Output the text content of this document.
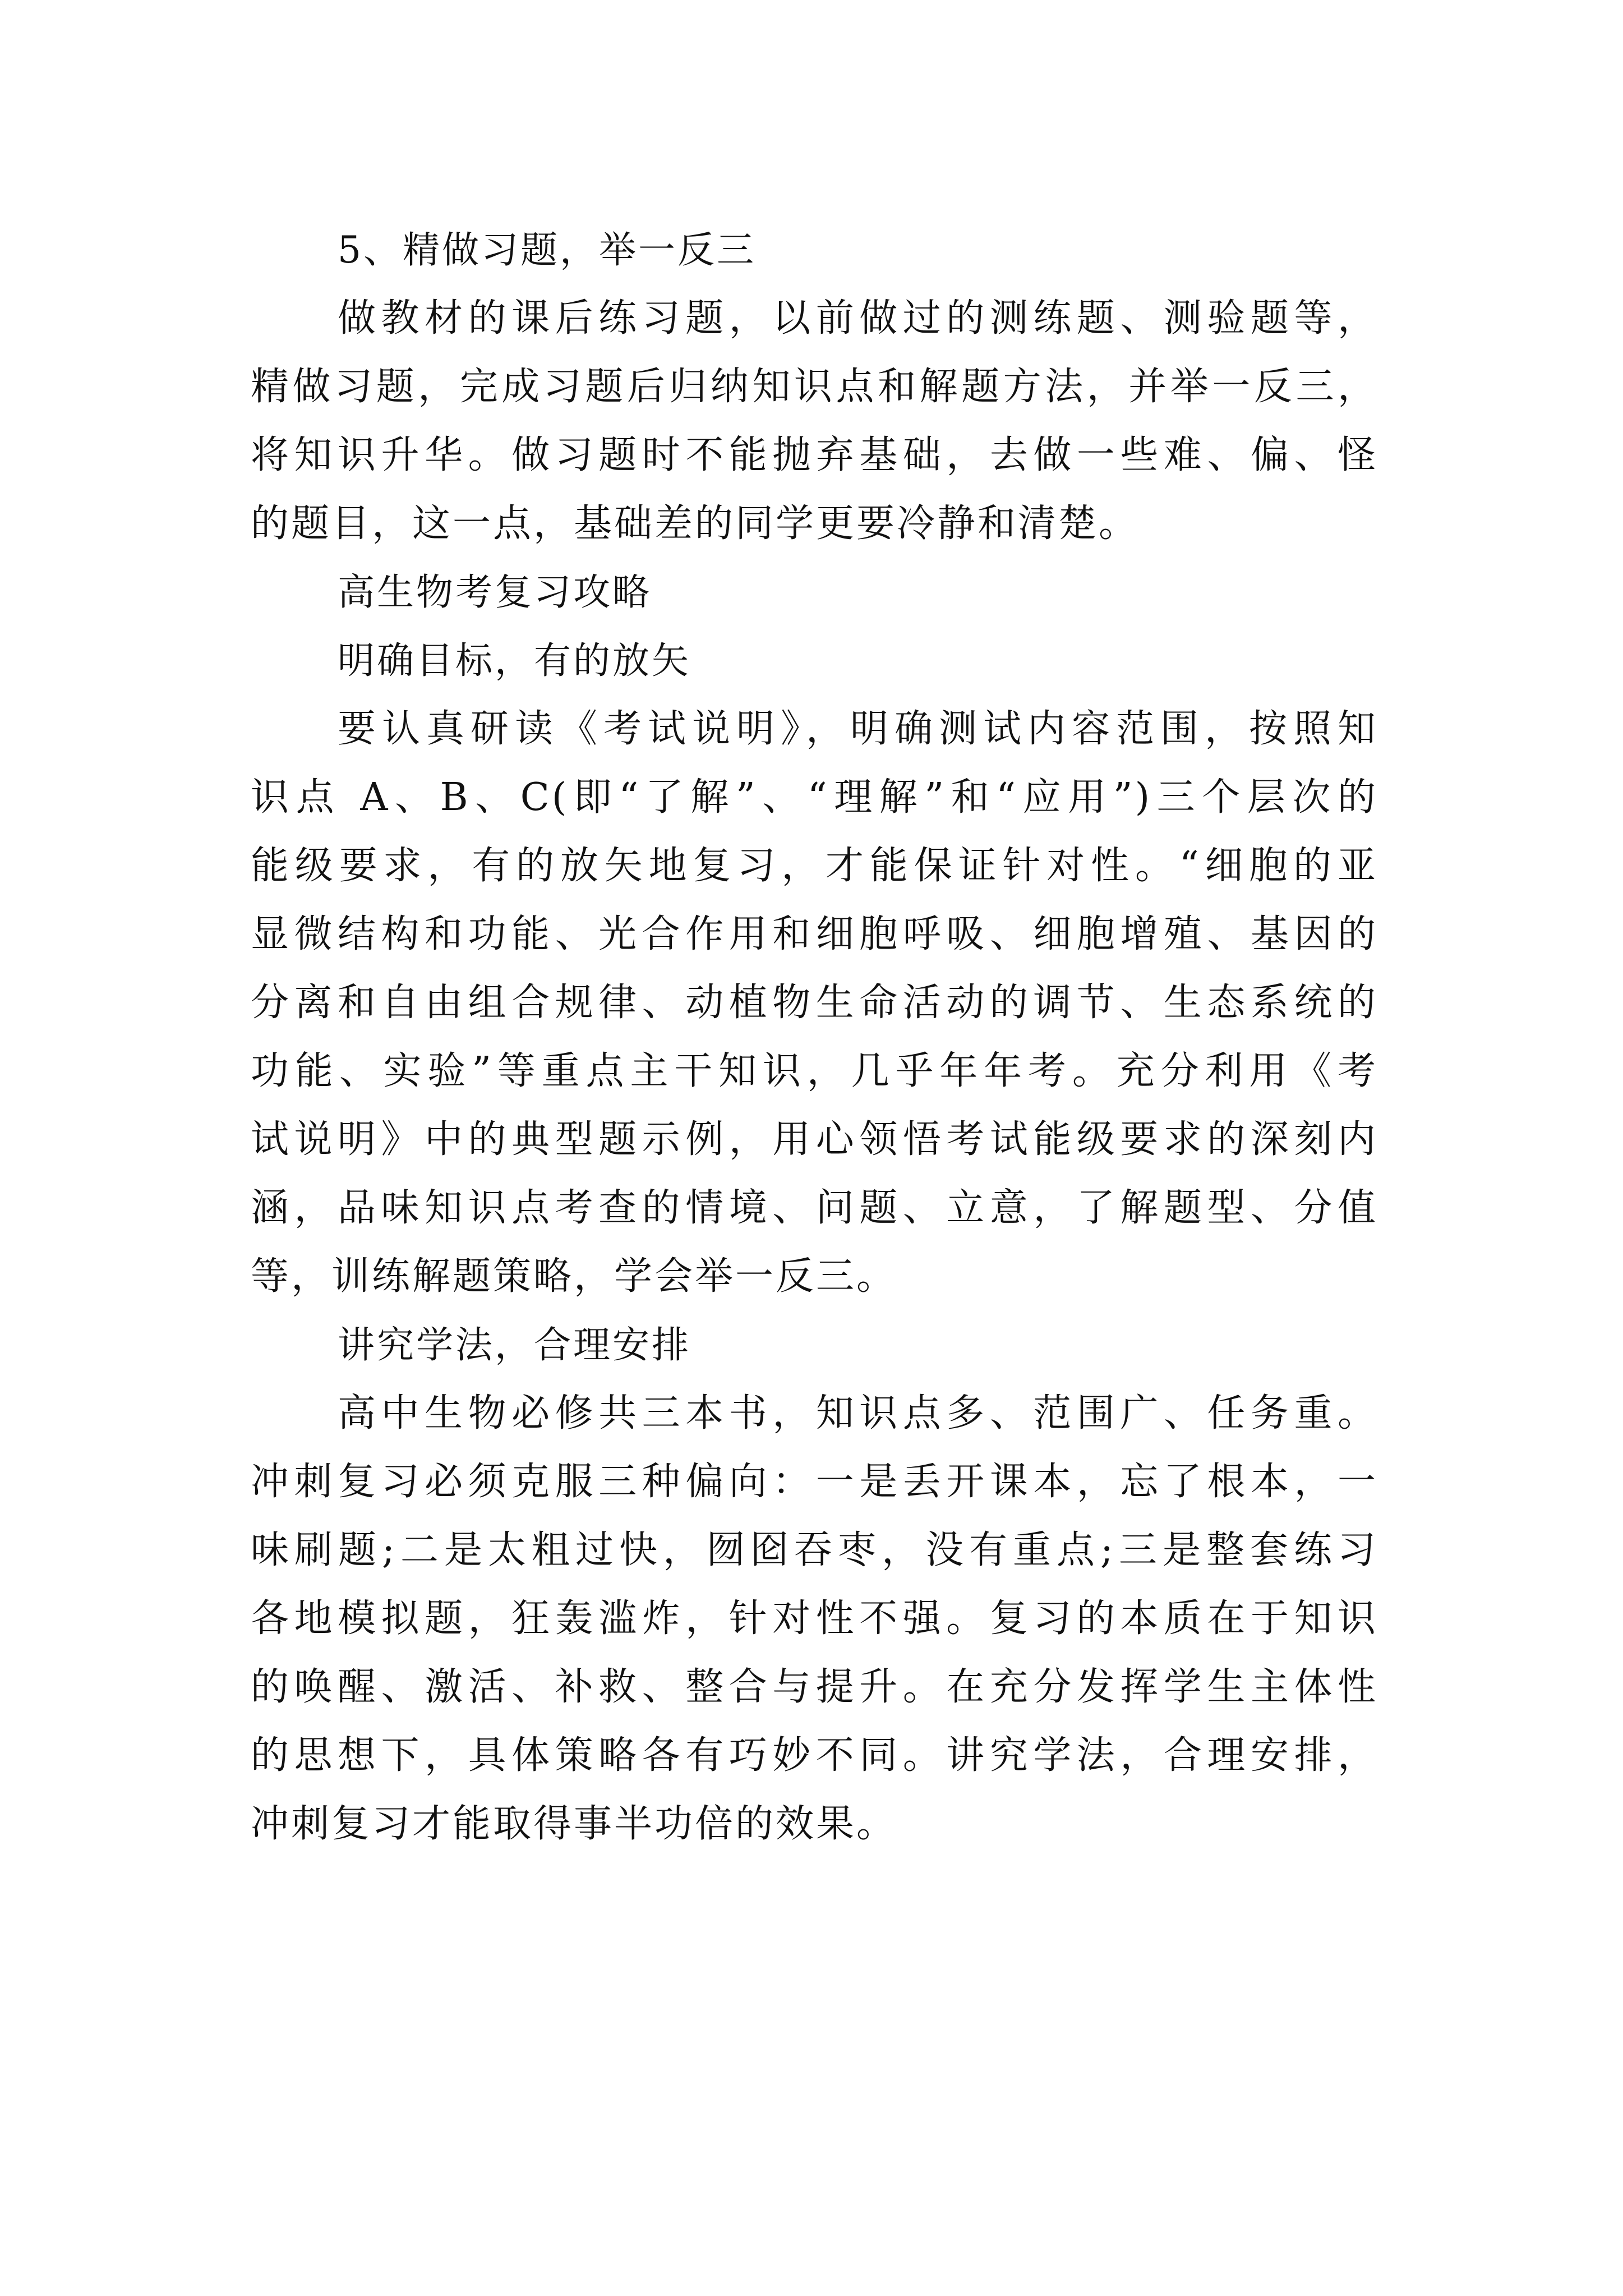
5、精做习题，举一反三
做教材的课后练习题，以前做过的测练题、测验题等，
精做习题，完成习题后归纳知识点和解题方法，并举一反三，
将知识升华。做习题时不能抛弃基础，去做一些难、偏、怪
的题目，这一点，基础差的同学更要冷静和清楚。
高生物考复习攻略
明确目标，有的放矢
要认真研读《考试说明》，明确测试内容范围，按照知
识点 A、B、C(即“了解”、“理解”和“应用”)三个层次的
能级要求，有的放矢地复习，才能保证针对性。“细胞的亚
显微结构和功能、光合作用和细胞呼吸、细胞增殖、基因的
分离和自由组合规律、动植物生命活动的调节、生态系统的
功能、实验”等重点主干知识，几乎年年考。充分利用《考
试说明》中的典型题示例，用心领悟考试能级要求的深刻内
涵，品味知识点考查的情境、问题、立意，了解题型、分值
等，训练解题策略，学会举一反三。
讲究学法，合理安排
高中生物必修共三本书，知识点多、范围广、任务重。
冲刺复习必须克服三种偏向：一是丢开课本，忘了根本，一
味刷题;二是太粗过快，囫囵吞枣，没有重点;三是整套练习
各地模拟题，狂轰滥炸，针对性不强。复习的本质在于知识
的唤醒、激活、补救、整合与提升。在充分发挥学生主体性
的思想下，具体策略各有巧妙不同。讲究学法，合理安排，
冲刺复习才能取得事半功倍的效果。
